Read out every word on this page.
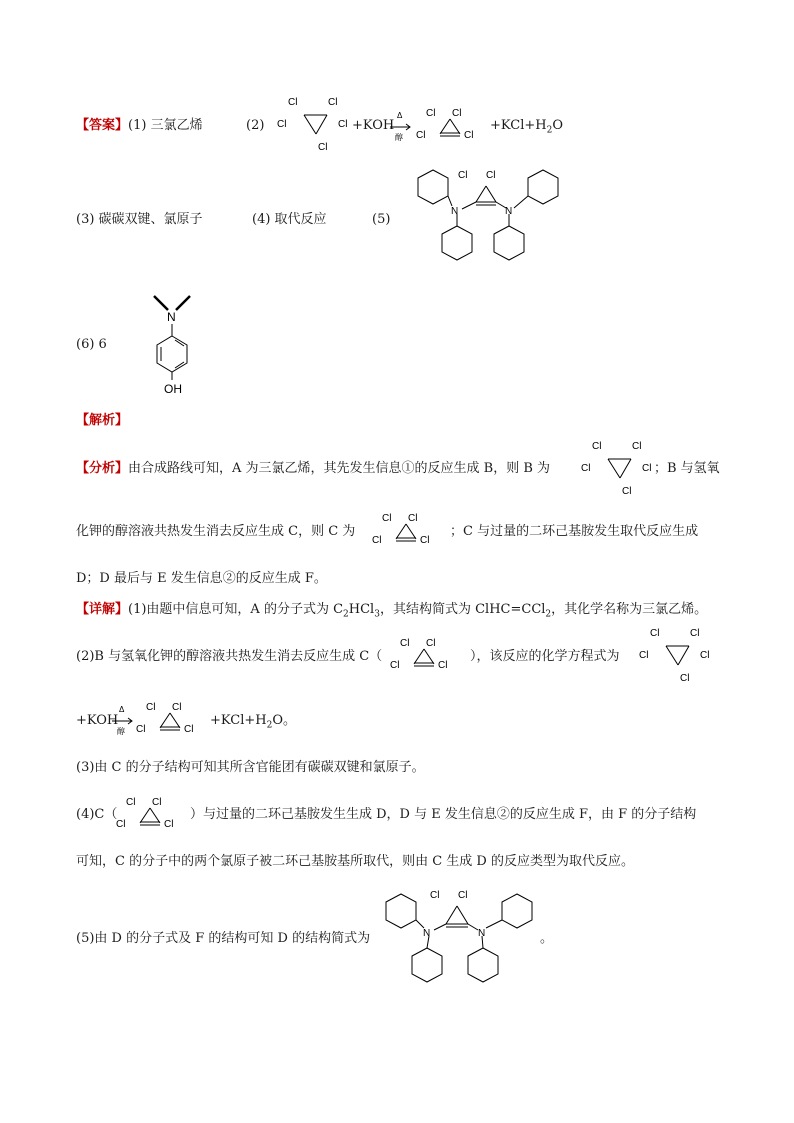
【答案】(1) 三氯乙烯	(2)
Cl	Cl
Cl	Cl
Cl
+KOH
Δ
醇
Cl Cl
Cl	Cl
$+KCl+H_2O$
(3) 碳碳双键、氯原子	(4) 取代反应	(5)
N	N
Cl Cl
(6) 6
N
OH
【解析】
【分析】由合成路线可知，A 为三氯乙烯，其先发生信息①的反应生成 B，则 B 为
Cl	Cl
Cl	Cl
Cl
；B 与氢氧
化钾的醇溶液共热发生消去反应生成 C，则 C 为
Cl Cl
Cl	Cl
；C 与过量的二环己基胺发生取代反应生成
D；D 最后与 E 发生信息②的反应生成 F。
【详解】(1)由题中信息可知，A 的分子式为 $C_2HCl_3$，其结构简式为 ClHC=CCl$_2$，其化学名称为三氯乙烯。
(2)B 与氢氧化钾的醇溶液共热发生消去反应生成 C（
Cl Cl
Cl	Cl
），该反应的化学方程式为
Cl	Cl
Cl	Cl
Cl
+KOH
Δ
醇
Cl Cl
Cl	Cl
$+KCl+H_2O$。
(3)由 C 的分子结构可知其所含官能团有碳碳双键和氯原子。
(4)C（
Cl Cl
Cl	Cl
）与过量的二环己基胺发生生成 D，D 与 E 发生信息②的反应生成 F，由 F 的分子结构
可知，C 的分子中的两个氯原子被二环己基胺基所取代，则由 C 生成 D 的反应类型为取代反应。
(5)由 D 的分子式及 F 的结构可知 D 的结构简式为	N	N
Cl Cl
。
